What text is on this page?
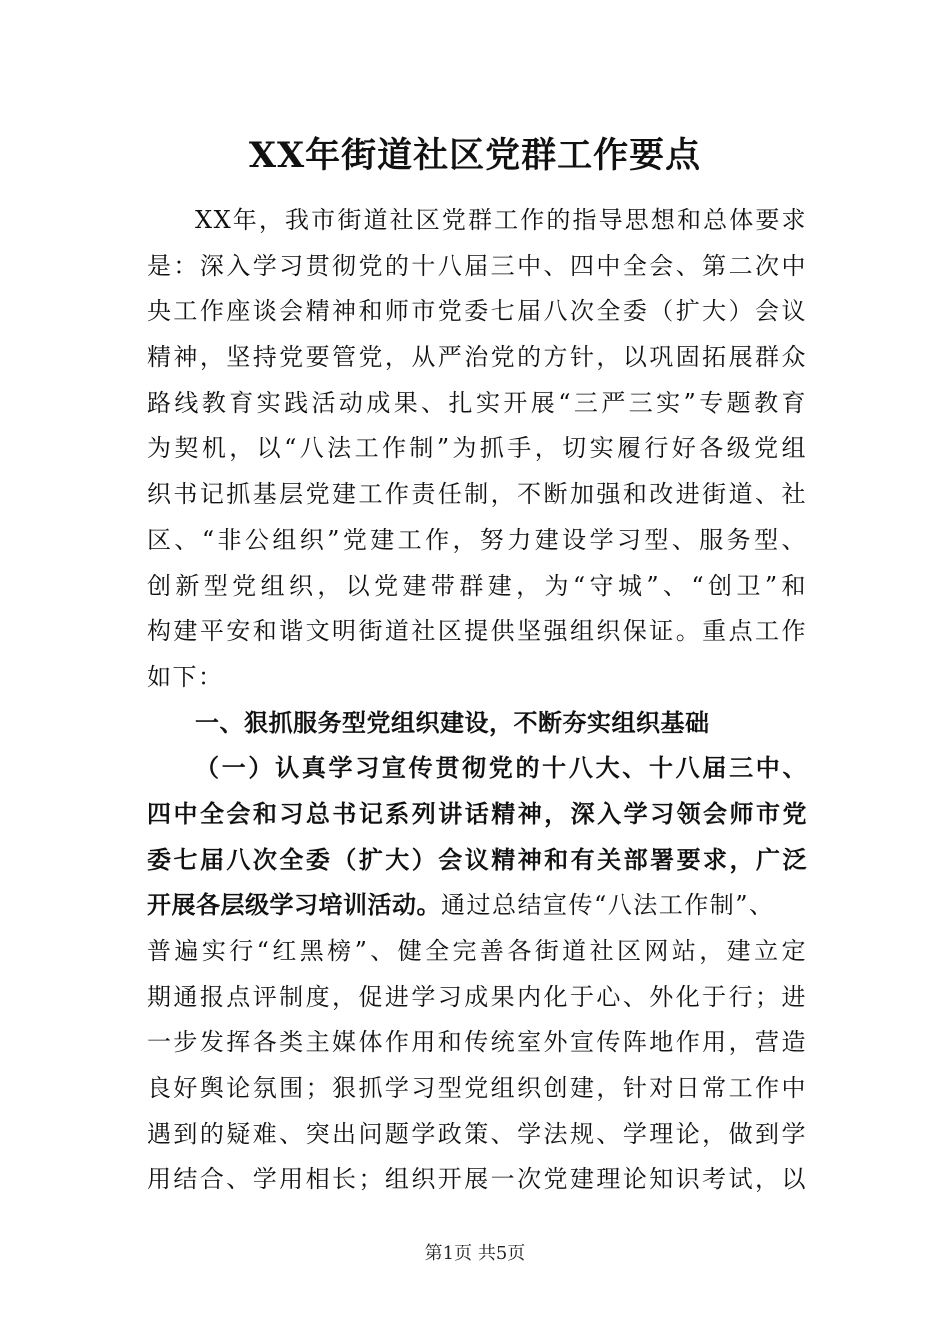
XX年街道社区党群工作要点
XX年，我市街道社区党群工作的指导思想和总体要求
是：深入学习贯彻党的十八届三中、四中全会、第二次中
央工作座谈会精神和师市党委七届八次全委（扩大）会议
精神，坚持党要管党，从严治党的方针，以巩固拓展群众
路线教育实践活动成果、扎实开展“三严三实”专题教育
为契机，以“八法工作制”为抓手，切实履行好各级党组
织书记抓基层党建工作责任制，不断加强和改进街道、社
区、“非公组织”党建工作，努力建设学习型、服务型、
创新型党组织，以党建带群建，为“守城”、“创卫”和
构建平安和谐文明街道社区提供坚强组织保证。重点工作
如下：
一、狠抓服务型党组织建设，不断夯实组织基础
（一）认真学习宣传贯彻党的十八大、十八届三中、
四中全会和习总书记系列讲话精神，深入学习领会师市党
委七届八次全委（扩大）会议精神和有关部署要求，广泛
开展各层级学习培训活动。通过总结宣传“八法工作制”、
普遍实行“红黑榜”、健全完善各街道社区网站，建立定
期通报点评制度，促进学习成果内化于心、外化于行；进
一步发挥各类主媒体作用和传统室外宣传阵地作用，营造
良好舆论氛围；狠抓学习型党组织创建，针对日常工作中
遇到的疑难、突出问题学政策、学法规、学理论，做到学
用结合、学用相长；组织开展一次党建理论知识考试，以
第1页 共5页
